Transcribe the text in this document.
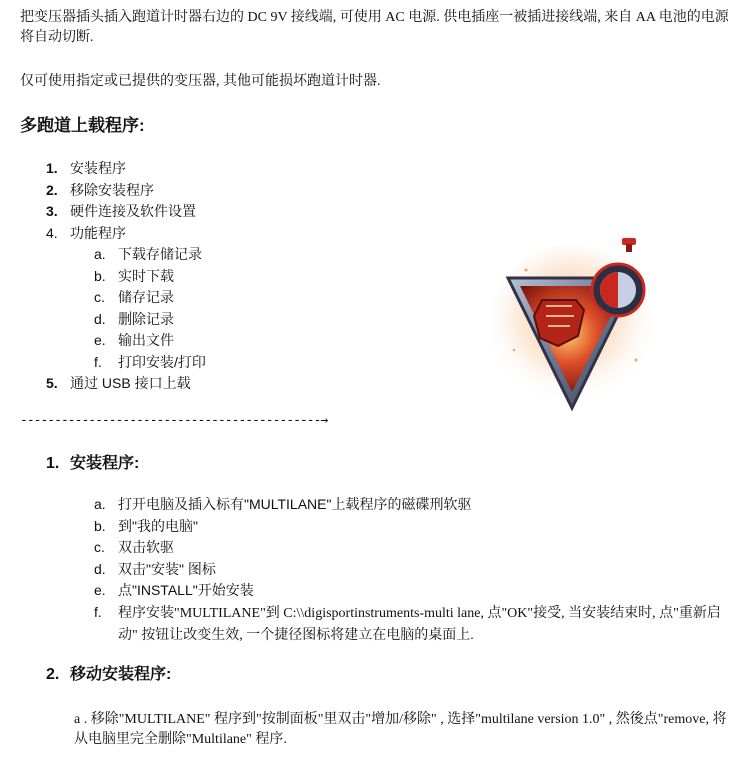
把变压器插头插入跑道计时器右边的 DC 9V 接线端, 可使用 AC 电源. 供电插座一被插进接线端, 来自 AA 电池的电源将自动切断.
仅可使用指定或已提供的变压器, 其他可能损坏跑道计时器.
多跑道上载程序:
1. 安装程序
2. 移除安装程序
3. 硬件连接及软件设置
4. 功能程序
a. 下载存储记录
b. 实时下载
c. 储存记录
d. 删除记录
e. 输出文件
f.	打印安装/打印
5. 通过 USB 接口上载
--------------------------------------------→
1. 安装程序:
a. 打开电脑及插入标有"MULTILANE"上载程序的磁碟刑软驱
b. 到"我的电脑"
c. 双击软驱
d. 双击"安装" 图标
e. 点"INSTALL"开始安装
f. 程序安装"MULTILANE"到 C:\\digisportinstruments-multi lane, 点"OK"接受, 当安装结束时, 点"重新启动" 按钮让改变生效, 一个捷径图标将建立在电脑的桌面上.
2. 移动安装程序:
a . 移除"MULTILANE" 程序到"按制面板"里双击"增加/移除" , 选择"multilane version 1.0" , 然後点"remove, 将从电脑里完全删除"Multilane" 程序.
